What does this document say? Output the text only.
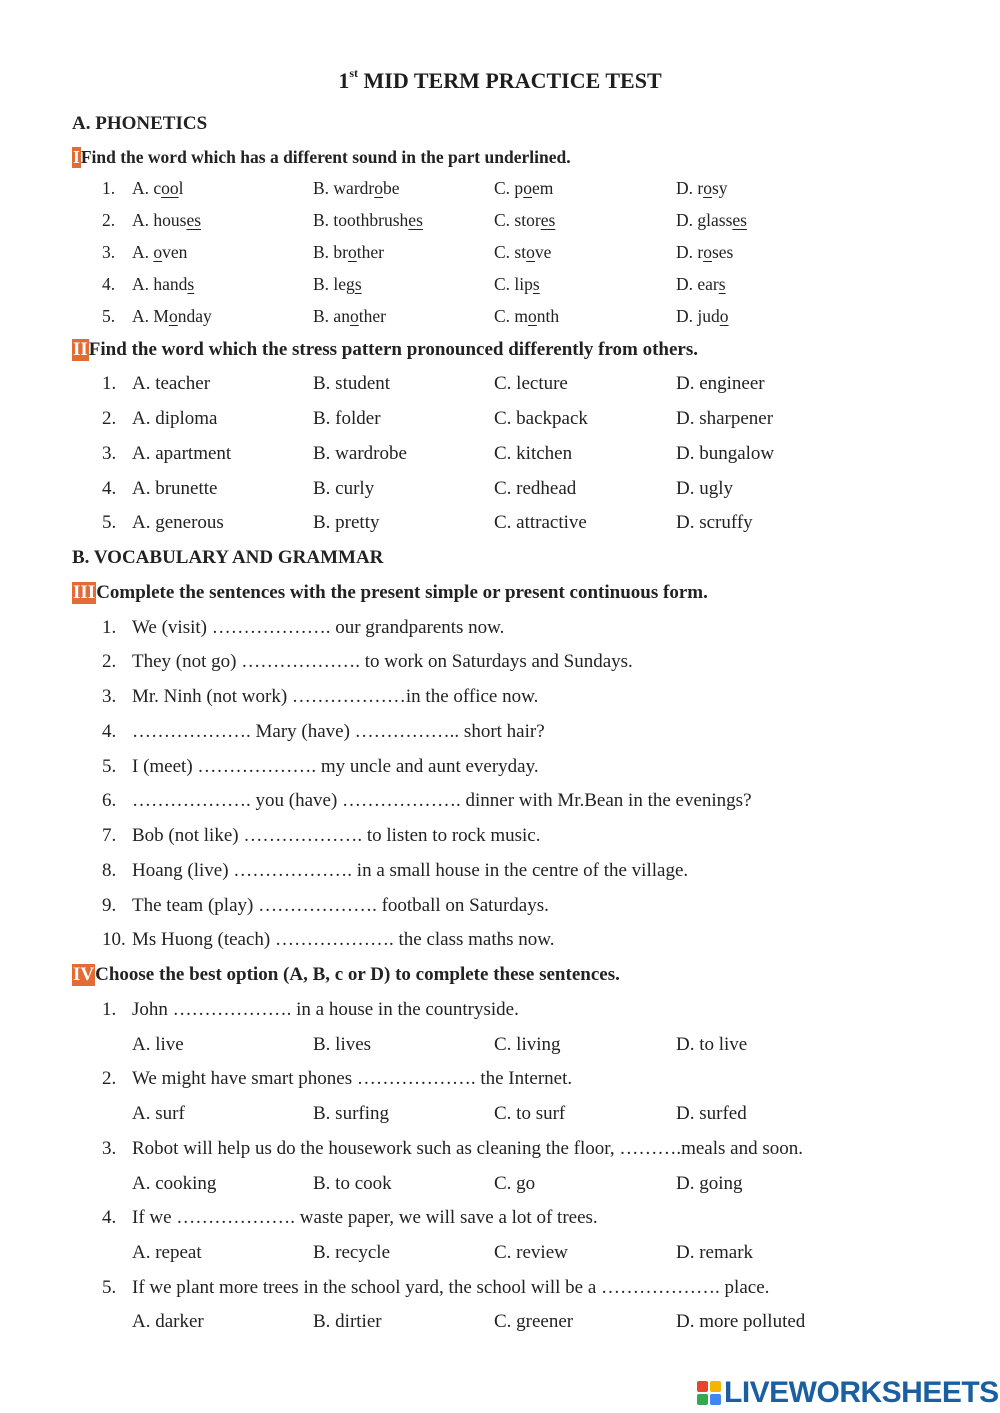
1st MID TERM PRACTICE TEST
A. PHONETICS
IFind the word which has a different sound in the part underlined.
1. A. cool	B. wardrobe	C. poem	D. rosy
2. A. houses	B. toothbrushes	C. stores	D. glasses
3. A. oven	B. brother	C. stove	D. roses
4. A. hands	B. legs	C. lips	D. ears
5. A. Monday	B. another	C. month	D. judo
IIFind the word which the stress pattern pronounced differently from others.
1. A. teacher	B. student	C. lecture	D. engineer
2. A. diploma	B. folder	C. backpack	D. sharpener
3. A. apartment	B. wardrobe	C. kitchen	D. bungalow
4. A. brunette	B. curly	C. redhead	D. ugly
5. A. generous	B. pretty	C. attractive	D. scruffy
B. VOCABULARY AND GRAMMAR
IIIComplete the sentences with the present simple or present continuous form.
1. We (visit) ………………. our grandparents now.
2. They (not go) ………………. to work on Saturdays and Sundays.
3. Mr. Ninh (not work) ………………in the office now.
4. ………………. Mary (have) …………….. short hair?
5. I (meet) ………………. my uncle and aunt everyday.
6. ………………. you (have) ………………. dinner with Mr.Bean in the evenings?
7. Bob (not like) ………………. to listen to rock music.
8. Hoang (live) ………………. in a small house in the centre of the village.
9. The team (play) ………………. football on Saturdays.
10. Ms Huong (teach) ………………. the class maths now.
IVChoose the best option (A, B, c or D) to complete these sentences.
1. John ………………. in a house in the countryside.
A. live	B. lives	C. living	D. to live
2. We might have smart phones ………………. the Internet.
A. surf	B. surfing	C. to surf	D. surfed
3. Robot will help us do the housework such as cleaning the floor, ……….meals and soon.
A. cooking	B. to cook	C. go	D. going
4. If we ………………. waste paper, we will save a lot of trees.
A. repeat	B. recycle	C. review	D. remark
5. If we plant more trees in the school yard, the school will be a ………………. place.
A. darker	B. dirtier	C. greener	D. more polluted
LIVEWORKSHEETS
